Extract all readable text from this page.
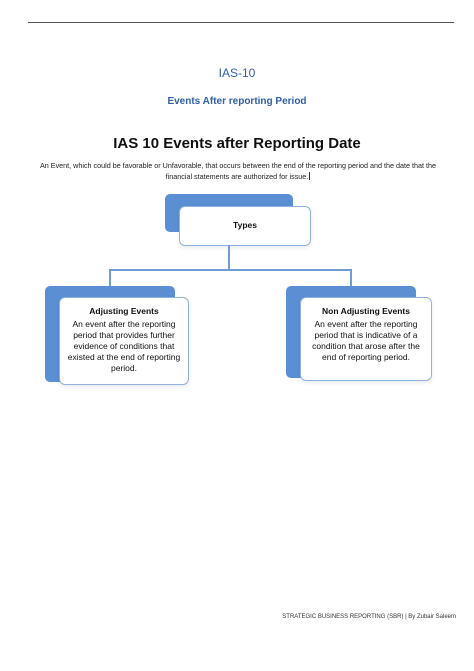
IAS-10
Events After reporting Period
IAS 10 Events after Reporting Date
An Event, which could be favorable or Unfavorable, that occurs between the end of the reporting period and the date that the financial statements are authorized for issue.
Types
Adjusting Events
An event after the reporting period that provides further evidence of conditions that existed at the end of reporting period.
Non Adjusting Events
An event after the reporting period that is indicative of a condition that arose after the end of reporting period.
STRATEGIC BUSINESS REPORTING (SBR) | By Zubair Saleem
